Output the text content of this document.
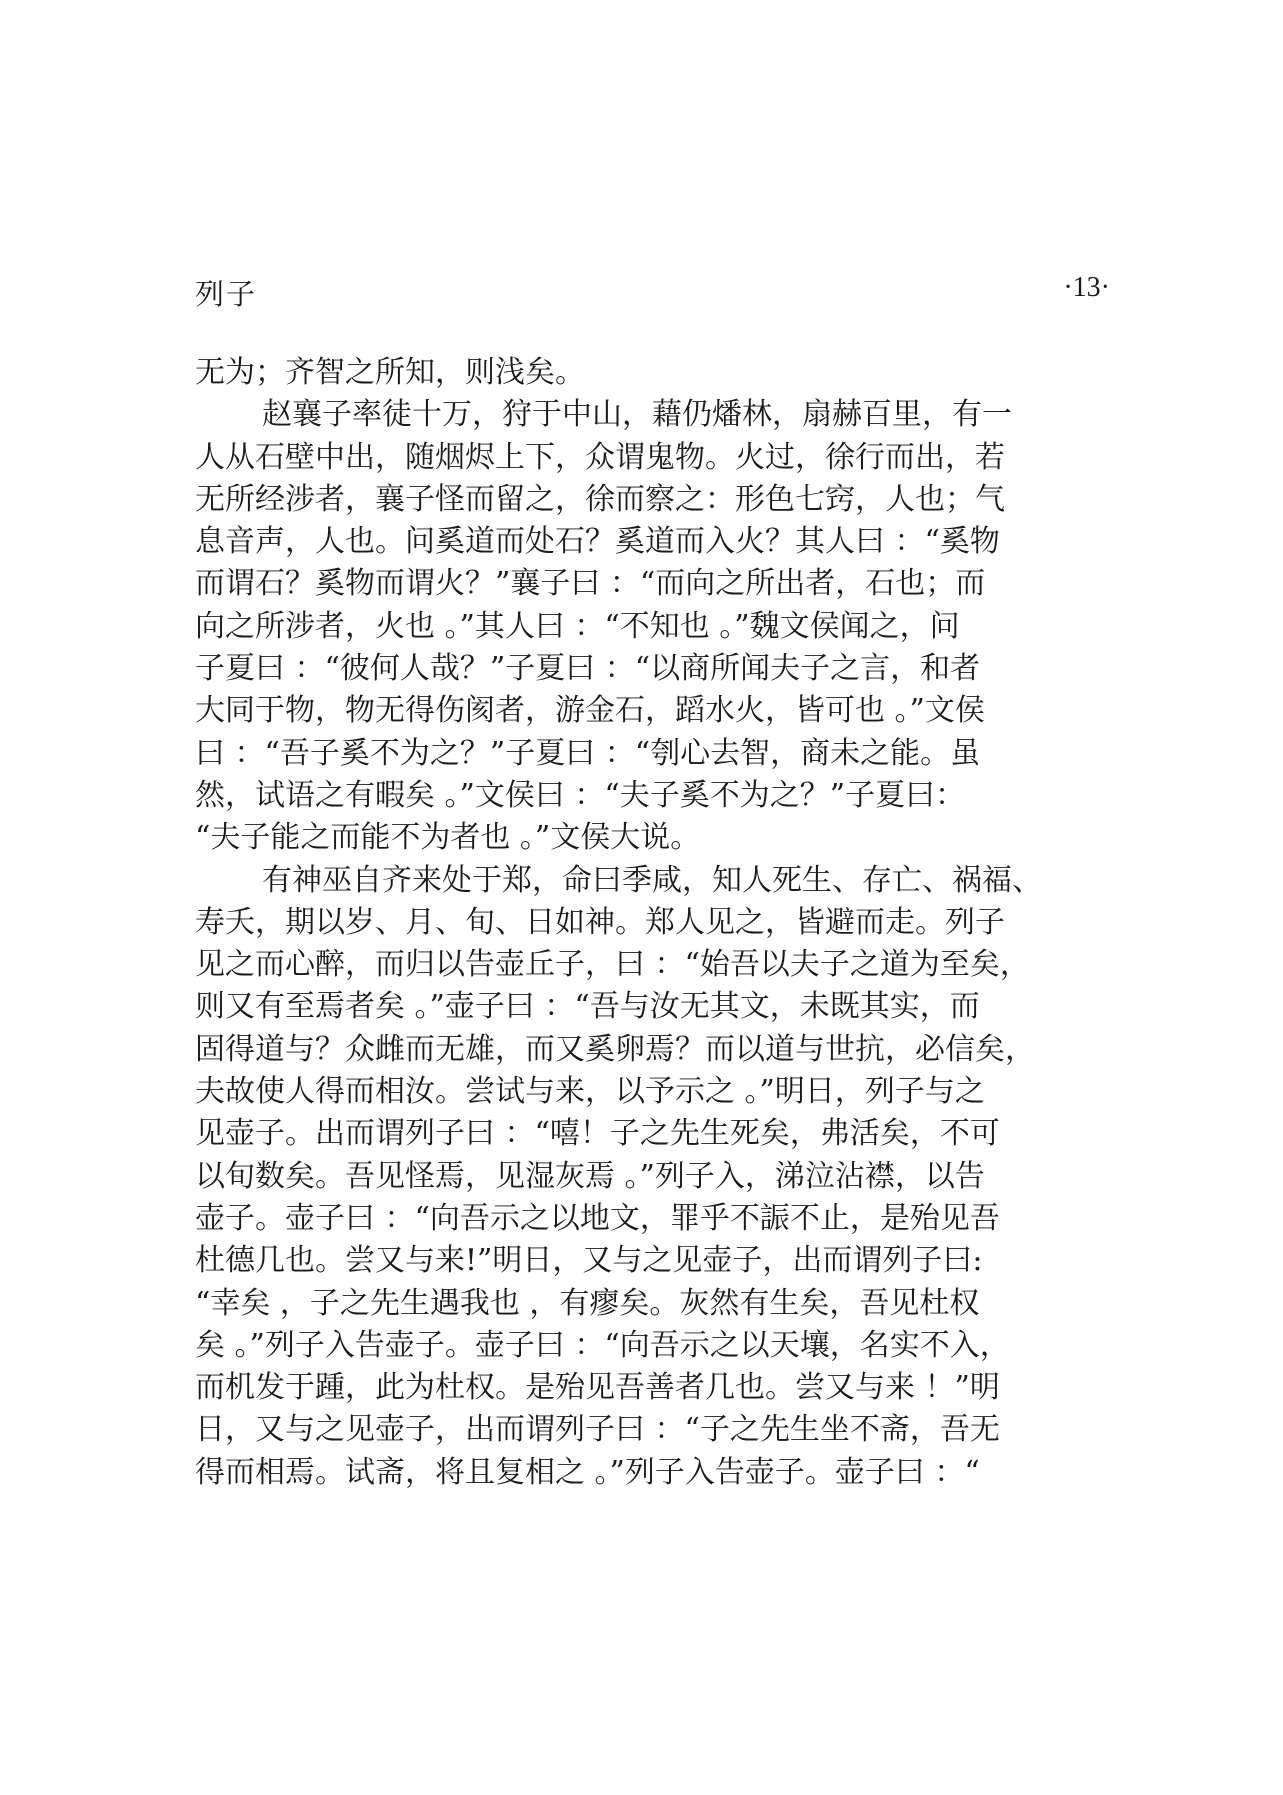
列子	·13·
无为；齐智之所知，则浅矣。
赵襄子率徒十万，狩于中山，藉仍燔林，扇赫百里，有一
人从石壁中出，随烟烬上下，众谓鬼物。火过，徐行而出，若
无所经涉者，襄子怪而留之，徐而察之：形色七窍，人也；气
息音声，人也。问奚道而处石？奚道而入火？其人曰 ：“奚物
而谓石？奚物而谓火？”襄子曰 ：“而向之所出者，石也；而
向之所涉者，火也 。”其人曰 ：“不知也 。”魏文侯闻之，问
子夏曰 ：“彼何人哉？”子夏曰 ：“以商所闻夫子之言，和者
大同于物，物无得伤阂者，游金石，蹈水火，皆可也 。”文侯
曰 ：“吾子奚不为之？”子夏曰 ：“刳心去智，商未之能。虽
然，试语之有暇矣 。”文侯曰 ：“夫子奚不为之？”子夏曰：
“夫子能之而能不为者也 。”文侯大说。
有神巫自齐来处于郑，命曰季咸，知人死生、存亡、祸福、
寿夭，期以岁、月、旬、日如神。郑人见之，皆避而走。列子
见之而心醉，而归以告壶丘子，曰 ：“始吾以夫子之道为至矣，
则又有至焉者矣 。”壶子曰 ：“吾与汝无其文，未既其实，而
固得道与？众雌而无雄，而又奚卵焉？而以道与世抗，必信矣，
夫故使人得而相汝。尝试与来，以予示之 。”明日，列子与之
见壶子。出而谓列子曰 ：“嘻！子之先生死矣，弗活矣，不可
以旬数矣。吾见怪焉，见湿灰焉 。”列子入，涕泣沾襟，以告
壶子。壶子曰 ：“向吾示之以地文，罪乎不誫不止，是殆见吾
杜德几也。尝又与来!”明日，又与之见壶子，出而谓列子曰:
“幸矣 ，子之先生遇我也 ，有瘳矣。灰然有生矣，吾见杜权
矣 。”列子入告壶子。壶子曰 ：“向吾示之以天壤，名实不入，
而机发于踵，此为杜权。是殆见吾善者几也。尝又与来 ！”明
日，又与之见壶子，出而谓列子曰 ：“子之先生坐不斋，吾无
得而相焉。试斋，将且复相之 。”列子入告壶子。壶子曰 ：“
